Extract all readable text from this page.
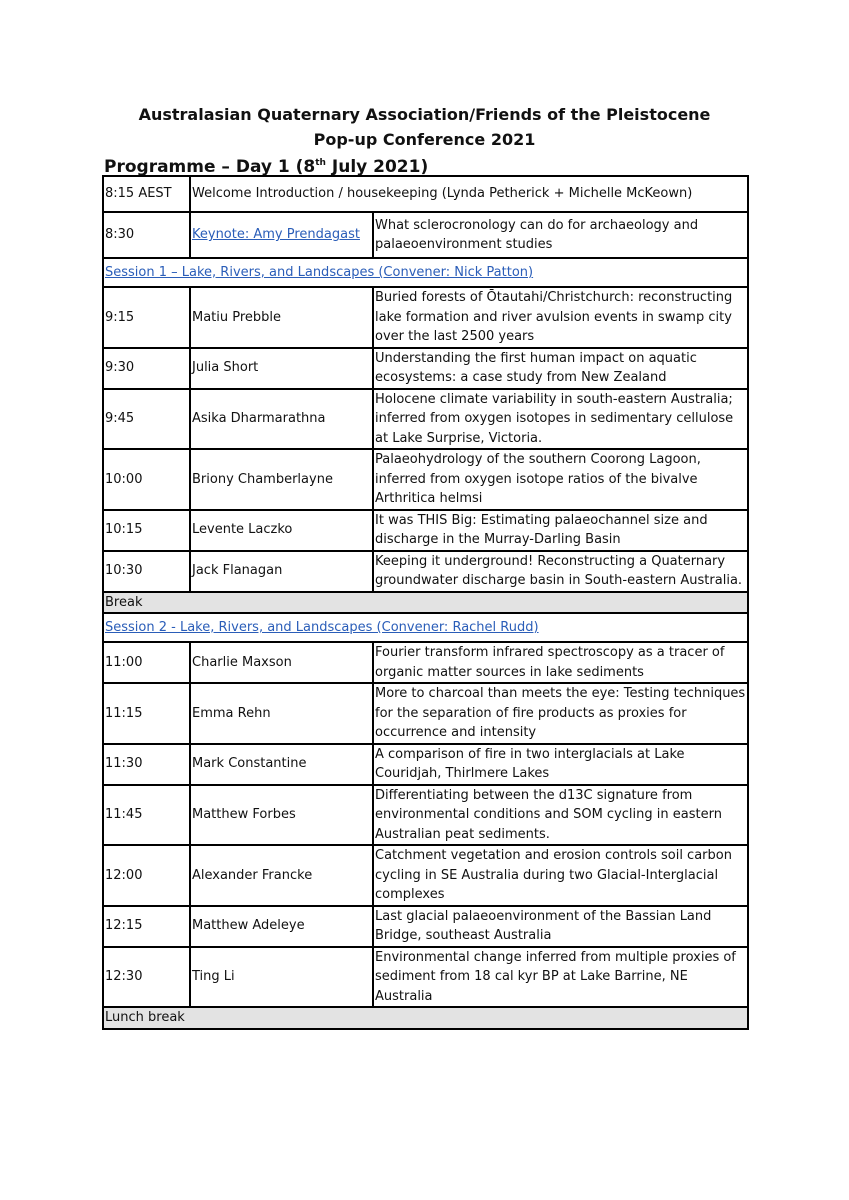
Australasian Quaternary Association/Friends of the Pleistocene
Pop-up Conference 2021
Programme – Day 1 (8th July 2021)
8:15 AEST	Welcome Introduction / housekeeping (Lynda Petherick + Michelle McKeown)	
8:30	Keynote: Amy Prendagast	What sclerocronology can do for archaeology and palaeoenvironment studies
Session 1 – Lake, Rivers, and Landscapes (Convener: Nick Patton)		
9:15	Matiu Prebble	Buried forests of Ōtautahi/Christchurch: reconstructing lake formation and river avulsion events in swamp city over the last 2500 years
9:30	Julia Short	Understanding the first human impact on aquatic ecosystems: a case study from New Zealand
9:45	Asika Dharmarathna	Holocene climate variability in south-eastern Australia; inferred from oxygen isotopes in sedimentary cellulose at Lake Surprise, Victoria.
10:00	Briony Chamberlayne	Palaeohydrology of the southern Coorong Lagoon, inferred from oxygen isotope ratios of the bivalve Arthritica helmsi
10:15	Levente Laczko	It was THIS Big: Estimating palaeochannel size and discharge in the Murray-Darling Basin
10:30	Jack Flanagan	Keeping it underground! Reconstructing a Quaternary groundwater discharge basin in South-eastern Australia.
Break		
Session 2 - Lake, Rivers, and Landscapes (Convener: Rachel Rudd)		
11:00	Charlie Maxson	Fourier transform infrared spectroscopy as a tracer of organic matter sources in lake sediments
11:15	Emma Rehn	More to charcoal than meets the eye: Testing techniques for the separation of fire products as proxies for occurrence and intensity
11:30	Mark Constantine	A comparison of fire in two interglacials at Lake Couridjah, Thirlmere Lakes
11:45	Matthew Forbes	Differentiating between the d13C signature from environmental conditions and SOM cycling in eastern Australian peat sediments.
12:00	Alexander Francke	Catchment vegetation and erosion controls soil carbon cycling in SE Australia during two Glacial-Interglacial complexes
12:15	Matthew Adeleye	Last glacial palaeoenvironment of the Bassian Land Bridge, southeast Australia
12:30	Ting Li	Environmental change inferred from multiple proxies of sediment from 18 cal kyr BP at Lake Barrine, NE Australia
Lunch break		
